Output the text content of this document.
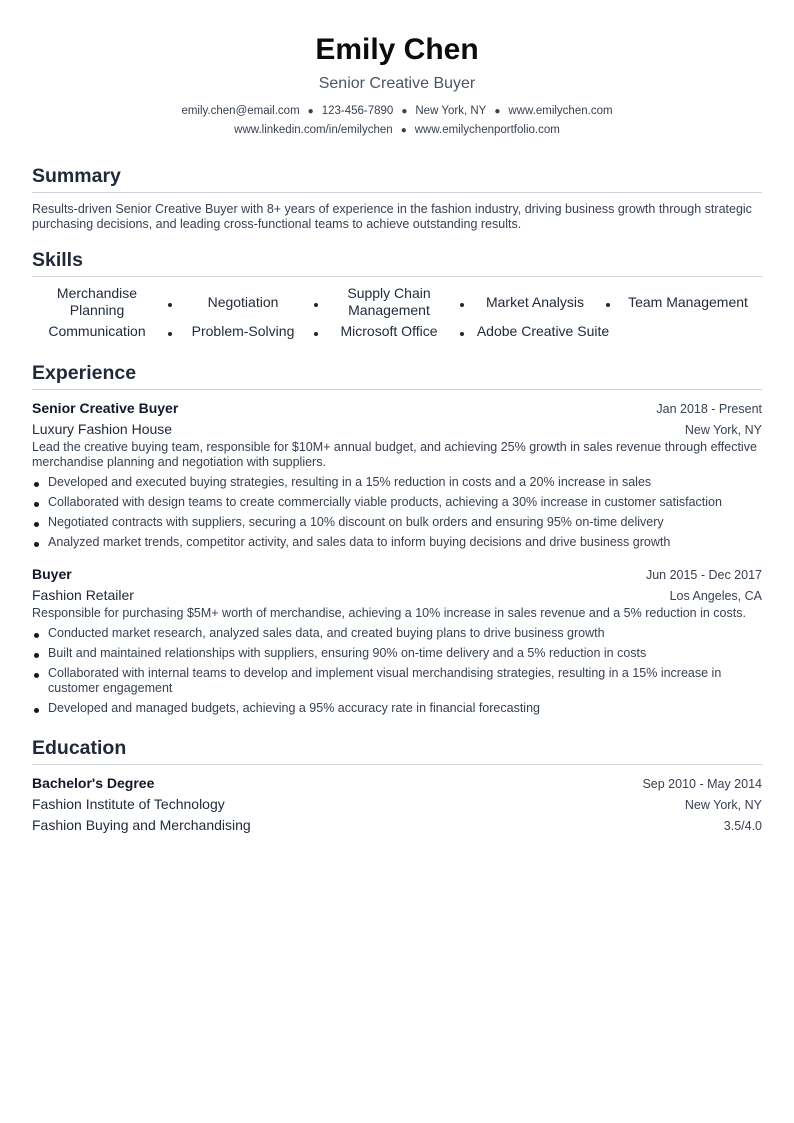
Emily Chen
Senior Creative Buyer
emily.chen@email.com ● 123-456-7890 ● New York, NY ● www.emilychen.com
www.linkedin.com/in/emilychen ● www.emilychenportfolio.com
Summary
Results-driven Senior Creative Buyer with 8+ years of experience in the fashion industry, driving business growth through strategic purchasing decisions, and leading cross-functional teams to achieve outstanding results.
Skills
Merchandise Planning	Negotiation
Supply Chain Management	Market Analysis	Team Management
Communication	Problem-Solving	Microsoft Office	Adobe Creative Suite
Experience
Senior Creative Buyer	Jan 2018 - Present
Luxury Fashion House	New York, NY
Lead the creative buying team, responsible for $10M+ annual budget, and achieving 25% growth in sales revenue through effective merchandise planning and negotiation with suppliers.
Developed and executed buying strategies, resulting in a 15% reduction in costs and a 20% increase in sales
Collaborated with design teams to create commercially viable products, achieving a 30% increase in customer satisfaction
Negotiated contracts with suppliers, securing a 10% discount on bulk orders and ensuring 95% on-time delivery
Analyzed market trends, competitor activity, and sales data to inform buying decisions and drive business growth
Buyer	Jun 2015 - Dec 2017
Fashion Retailer	Los Angeles, CA
Responsible for purchasing $5M+ worth of merchandise, achieving a 10% increase in sales revenue and a 5% reduction in costs.
Conducted market research, analyzed sales data, and created buying plans to drive business growth
Built and maintained relationships with suppliers, ensuring 90% on-time delivery and a 5% reduction in costs
Collaborated with internal teams to develop and implement visual merchandising strategies, resulting in a 15% increase in customer engagement
Developed and managed budgets, achieving a 95% accuracy rate in financial forecasting
Education
Bachelor's Degree	Sep 2010 - May 2014
Fashion Institute of Technology	New York, NY
Fashion Buying and Merchandising	3.5/4.0
